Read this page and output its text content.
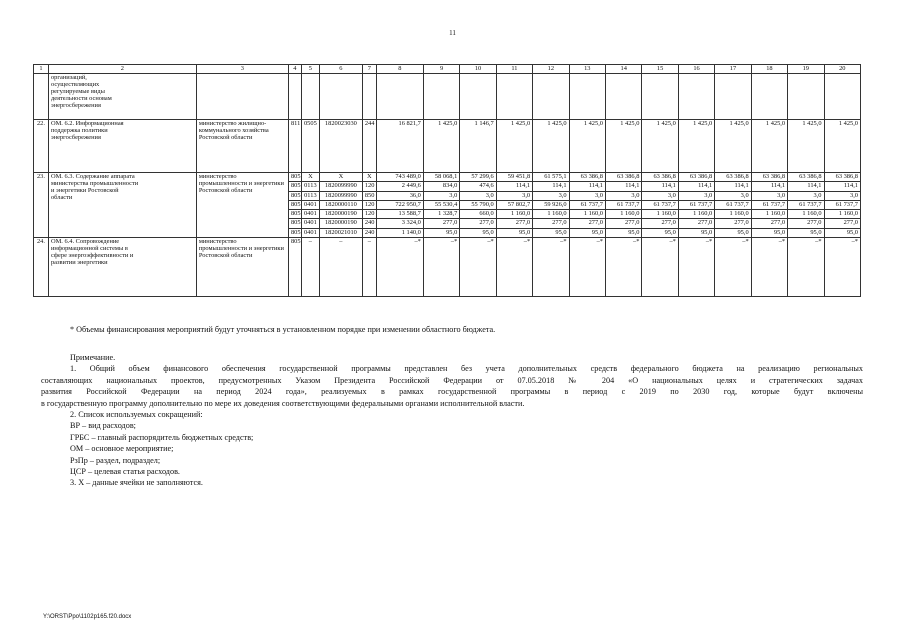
11
1	2	3	4	5	6	7	8	9	10	11	12	13	14	15	16	17	18	19	20
	организаций, осуществляющих регулируемые виды деятельности основам энергосбережения																		
22.	ОМ. 6.2. Информационная поддержка политики энергосбережения	министерство жилищно-коммунального хозяйства Ростовской области	811	0505	1820023030	244	16 821,7	1 425,0	1 146,7	1 425,0	1 425,0	1 425,0	1 425,0	1 425,0	1 425,0	1 425,0	1 425,0	1 425,0	1 425,0
23.	ОМ. 6.3. Содержание аппарата министерства промышленности и энергетики Ростовской области	министерство промышленности и энергетики Ростовской области	805	X	X	X	743 489,0	58 068,1	57 299,6	59 451,8	61 575,1	63 386,8	63 386,8	63 386,8	63 386,8	63 386,8	63 386,8	63 386,8	63 386,8
			805	0113	1820099990	120	2 449,6	834,0	474,6	114,1	114,1	114,1	114,1	114,1	114,1	114,1	114,1	114,1	114,1
			805	0113	1820099990	850	36,0	3,0	3,0	3,0	3,0	3,0	3,0	3,0	3,0	3,0	3,0	3,0	3,0
			805	0401	1820000110	120	722 950,7	55 530,4	55 790,0	57 802,7	59 926,0	61 737,7	61 737,7	61 737,7	61 737,7	61 737,7	61 737,7	61 737,7	61 737,7
			805	0401	1820000190	120	13 588,7	1 328,7	660,0	1 160,0	1 160,0	1 160,0	1 160,0	1 160,0	1 160,0	1 160,0	1 160,0	1 160,0	1 160,0
			805	0401	1820000190	240	3 324,0	277,0	277,0	277,0	277,0	277,0	277,0	277,0	277,0	277,0	277,0	277,0	277,0
			805	0401	1820021010	240	1 140,0	95,0	95,0	95,0	95,0	95,0	95,0	95,0	95,0	95,0	95,0	95,0	95,0
24.	ОМ. 6.4. Сопровождение информационной системы в сфере энергоэффективности и развитии энергетики	министерство промышленности и энергетики Ростовской области	805	–	–	–	–*	–*	–*	–*	–*	–*	–*	–*	–*	–*	–*	–*	–*
* Объемы финансирования мероприятий будут уточняться в установленном порядке при изменении областного бюджета.

Примечание.

1. Общий объем финансового обеспечения государственной программы представлен без учета дополнительных средств федерального бюджета на реализацию региональных

составляющих национальных проектов, предусмотренных Указом Президента Российской Федерации от 07.05.2018 № 204 «О национальных целях и стратегических задачах

развития Российской Федерации на период 2024 года», реализуемых в рамках государственной программы в период с 2019 по 2030 год, которые будут включены

в государственную программу дополнительно по мере их доведения соответствующими федеральными органами исполнительной власти.

2. Список используемых сокращений:

ВР – вид расходов;

ГРБС – главный распорядитель бюджетных средств;

ОМ – основное мероприятие;

РзПр – раздел, подраздел;

ЦСР – целевая статья расходов.

3. X – данные ячейки не заполняются.

Y:\ORST\Ppo\1102p165.f20.docx
